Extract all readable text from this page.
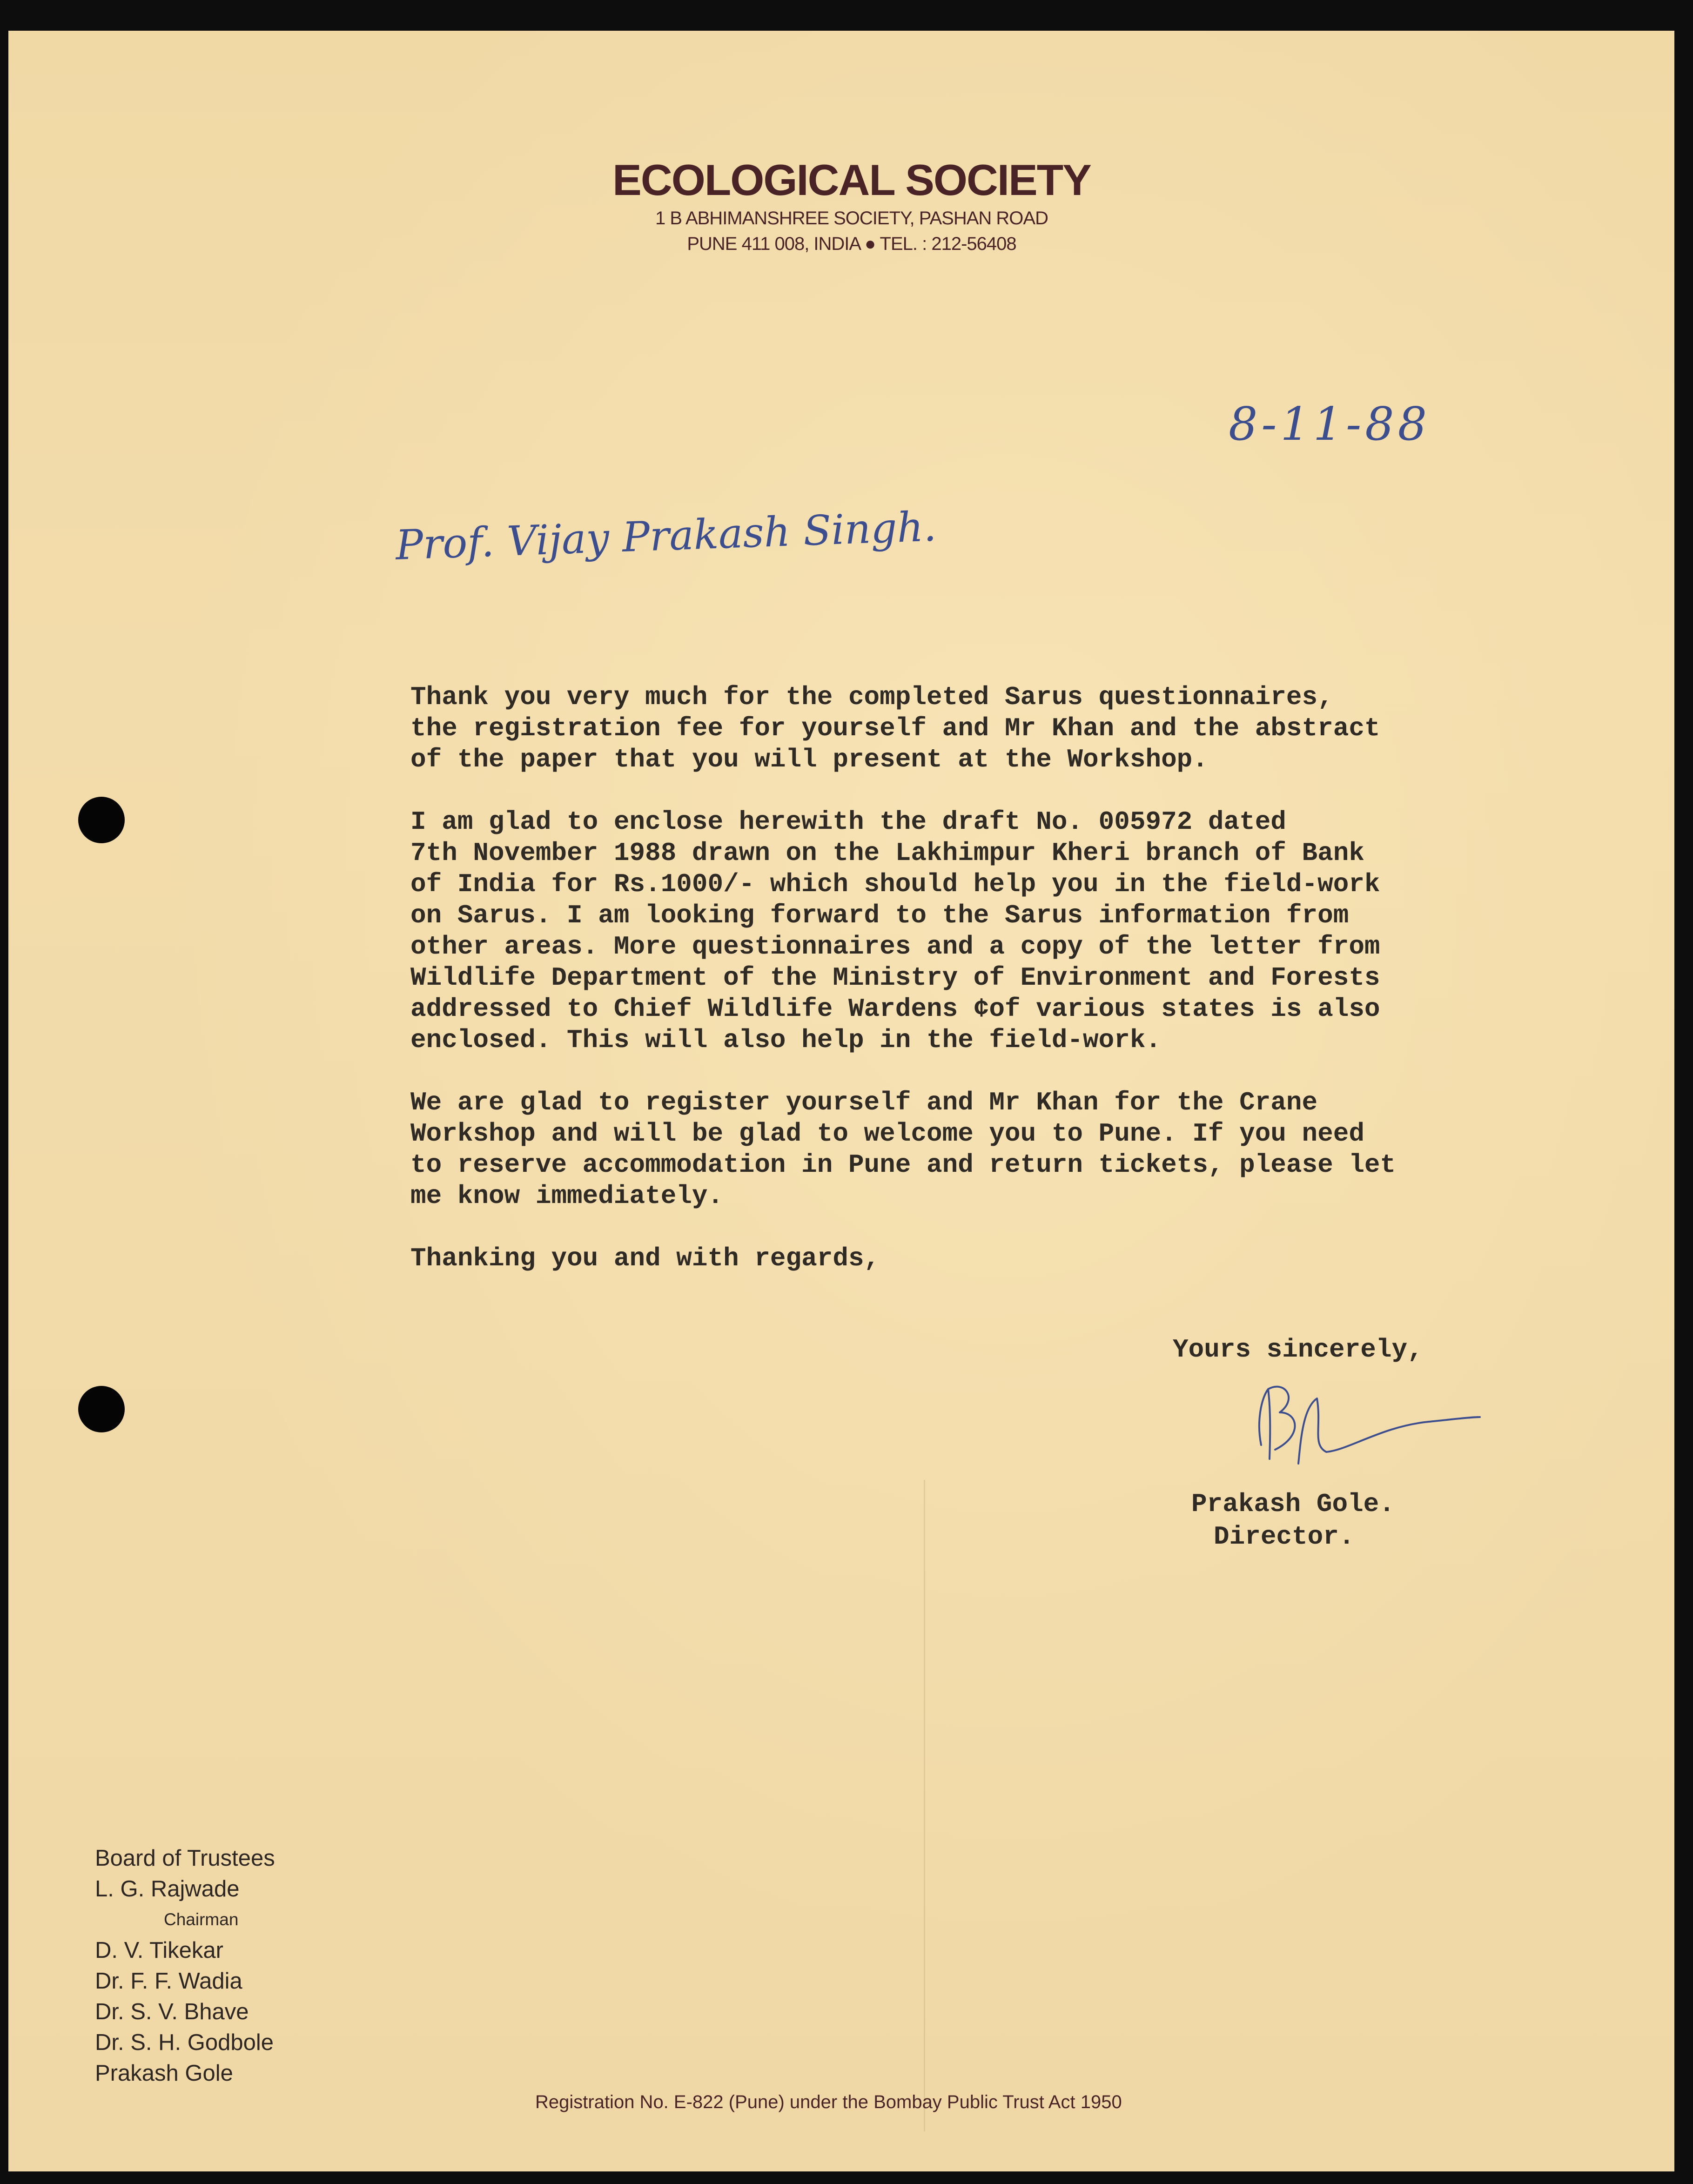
ECOLOGICAL SOCIETY
1 B ABHIMANSHREE SOCIETY, PASHAN ROAD
PUNE 411 008, INDIA ● TEL. : 212-56408
8-11-88
Prof. Vijay Prakash Singh.

Thank you very much for the completed Sarus questionnaires,
the registration fee for yourself and Mr Khan and the abstract
of the paper that you will present at the Workshop.

I am glad to enclose herewith the draft No. 005972 dated
7th November 1988 drawn on the Lakhimpur Kheri branch of Bank
of India for Rs.1000/- which should help you in the field-work
on Sarus. I am looking forward to the Sarus information from
other areas. More questionnaires and a copy of the letter from
Wildlife Department of the Ministry of Environment and Forests
addressed to Chief Wildlife Wardens ¢of various states is also
enclosed. This will also help in the field-work.

We are glad to register yourself and Mr Khan for the Crane
Workshop and will be glad to welcome you to Pune. If you need
to reserve accommodation in Pune and return tickets, please let
me know immediately.

Thanking you and with regards,

Yours sincerely,
Prakash Gole.
Director.
Board of Trustees
L. G. Rajwade
Chairman
D. V. Tikekar
Dr. F. F. Wadia
Dr. S. V. Bhave
Dr. S. H. Godbole
Prakash Gole
Registration No. E-822 (Pune) under the Bombay Public Trust Act 1950
